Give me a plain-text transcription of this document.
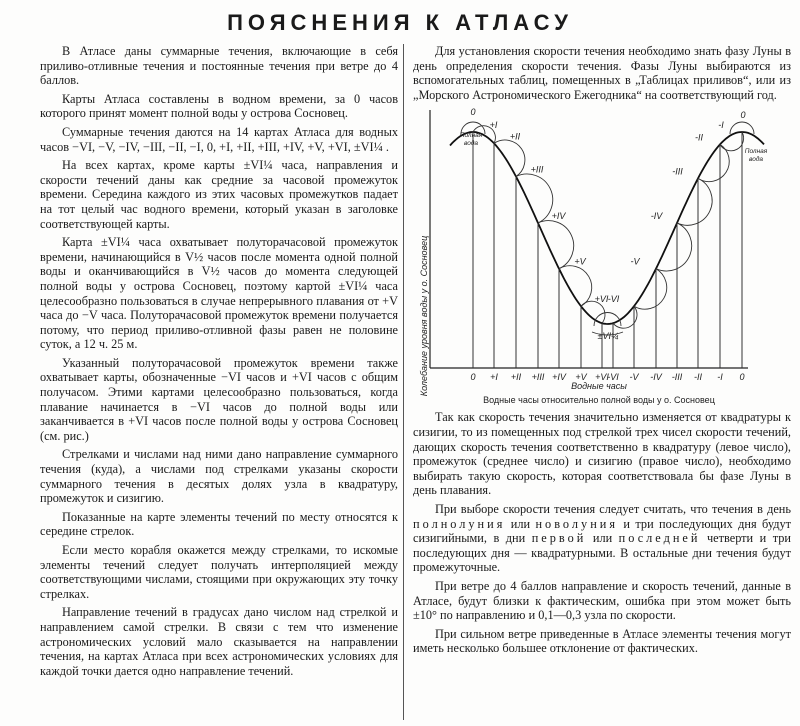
ПОЯСНЕНИЯ К АТЛАСУ

В Атласе даны суммарные течения, включающие в себя приливо-отливные течения и постоянные течения при ветре до 4 баллов.

Карты Атласа составлены в водном времени, за 0 часов которого принят момент полной воды у острова Сосновец.

Суммарные течения даются на 14 картах Атласа для водных часов −VI, −V, −IV, −III, −II, −I, 0, +I, +II, +III, +IV, +V, +VI, ±VI¼ .

На всех картах, кроме карты ±VI¼ часа, направления и скорости течений даны как средние за часовой промежуток времени. Середина каждого из этих часовых промежутков падает на тот целый час водного времени, который указан в заголовке соответствующей карты.

Карта ±VI¼ часа охватывает полуторачасовой промежуток времени, начинающийся в V½ часов после момента одной полной воды и оканчивающийся в V½ часов до момента следующей полной воды у острова Сосновец, поэтому картой ±VI¼ часа целесообразно пользоваться в случае непрерывного плавания от +V часа до −V часа. Полуторачасовой промежуток времени получается потому, что период приливо-отливной фазы равен не половине суток, а 12 ч. 25 м.

Указанный полуторачасовой промежуток времени также охватывает карты, обозначенные −VI часов и +VI часов с общим получасом. Этими картами целесообразно пользоваться, когда плавание начинается в −VI часов до полной воды или заканчивается в +VI часов после полной воды у острова Сосновец (см. рис.)

Стрелками и числами над ними дано направление суммарного течения (куда), а числами под стрелками указаны скорости суммарного течения в десятых долях узла в квадратуру, промежуток и сизигию.

Показанные на карте элементы течений по месту относятся к середине стрелок.

Если место корабля окажется между стрелками, то искомые элементы течений следует получать интерполяцией между соответствующими числами, стоящими при окружающих эту точку стрелках.

Направление течений в градусах дано числом над стрелкой и направлением самой стрелки. В связи с тем что изменение астрономических условий мало сказывается на направлении течения, на картах Атласа при всех астрономических условиях для каждой точки дается одно направление течений.

Для установления скорости течения необходимо знать фазу Луны в день определения скорости течения. Фазы Луны выбираются из вспомогательных таблиц, помещенных в „Таблицах приливов“, или из „Морского Астрономического Ежегодника“ на соответствующий год.

0 +I +II +III +IV +V +VI
-VI -V -IV -III -II -I 0
+I
+II
+III
+IV
+V
+VI -VI
-V
-IV
-III
-II
-I
Колебание уровня воды у о. Сосновец	Водные часы
Водные часы относительно полной воды у о. Сосновец
Полная
вода
Полная
вода
0	0
±VI¼

Так как скорость течения значительно изменяется от квадратуры к сизигии, то из помещенных под стрелкой трех чисел скорости течений, дающих скорость течения соответственно в квадратуру (левое число), промежуток (среднее число) и сизигию (правое число), необходимо выбирать такую скорость, которая соответствовала бы фазе Луны в день плавания.

При выборе скорости течения следует считать, что течения в день полнолуния или новолуния и три последующих дня будут сизигийными, в дни первой или последней четверти и три последующих дня — квадратурными. В остальные дни течения будут промежуточные.

При ветре до 4 баллов направление и скорость течений, данные в Атласе, будут близки к фактическим, ошибка при этом может быть ±10° по направлению и 0,1—0,3 узла по скорости.

При сильном ветре приведенные в Атласе элементы течения могут иметь несколько большее отклонение от фактических.
